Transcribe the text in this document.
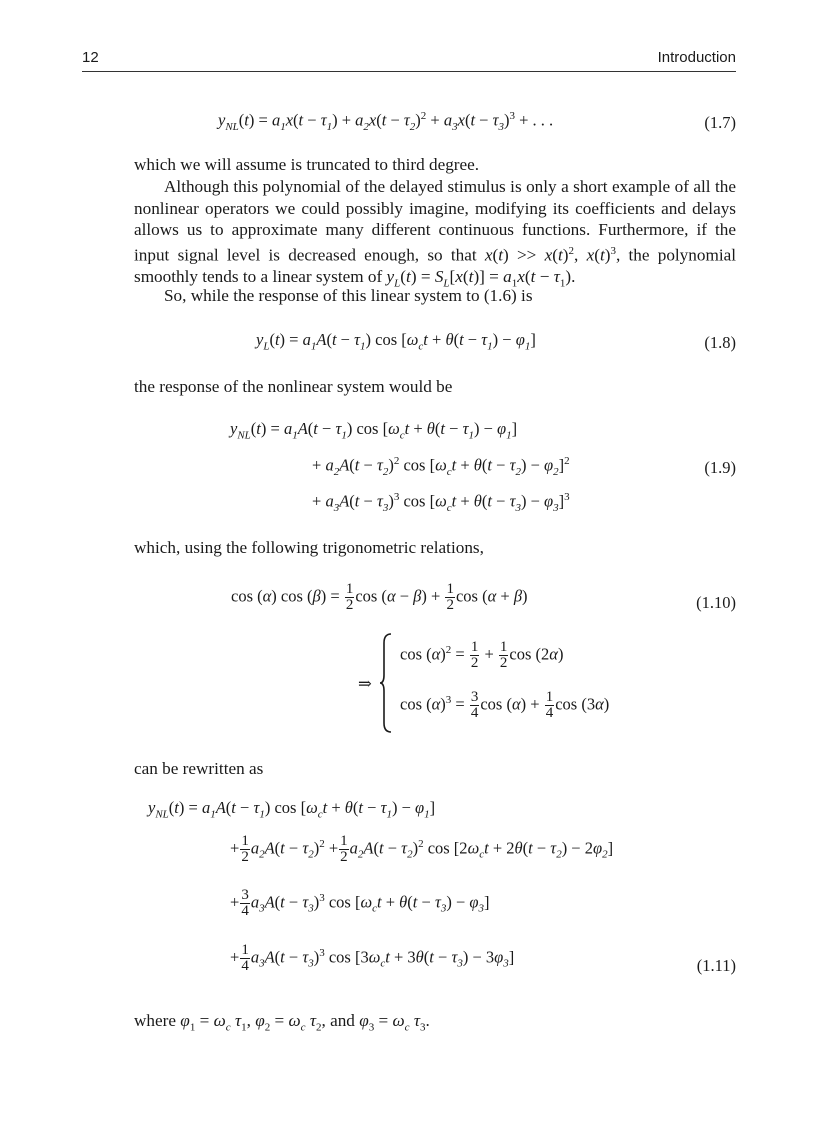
12	Introduction
$y_{NL}(t) = a_1x(t - \tau_1) + a_2x(t - \tau_2)^2 + a_3x(t - \tau_3)^3$ + . . .	(1.7)
which we will assume is truncated to third degree.
Although this polynomial of the delayed stimulus is only a short example of all the nonlinear operators we could possibly imagine, modifying its coefficients and delays allows us to approximate many different continuous functions. Furthermore, if the input signal level is decreased enough, so that $x(t) >> x(t)^2$, $x(t)^3$, the polynomial smoothly tends to a linear system of $y_L(t) = S_L[x(t)] = a_1x(t - \tau_1)$.
So, while the response of this linear system to (1.6) is
$y_L(t) = a_1A(t - \tau_1)$ $\cos [\omega_ct + \theta(t - \tau_1) - \varphi_1]$	(1.8)
the response of the nonlinear system would be
$y_{NL}(t) = a_1A(t - \tau_1)$ $\cos [\omega_ct + \theta(t - \tau_1) - \varphi_1]$
+ $a_2A(t - \tau_2)^2$ $\cos [\omega_ct + \theta(t - \tau_2) - \varphi_2]^2$	(1.9)
+ $a_3A(t - \tau_3)^3$ $\cos [\omega_ct + \theta(t - \tau_3) - \varphi_3]^3$
which, using the following trigonometric relations,
cos (α) $\cos (\beta) = \frac{1}{2}$ $\cos (\alpha - \beta) + \frac{1}{2}$ cos (α + β)	(1.10)
⇒
$\cos (\alpha)^2 = \frac{1}{2} + \frac{1}{2}$ cos (2α)
$\cos (\alpha)^3 = \frac{3}{4}$ $\cos (\alpha) + \frac{1}{4}$ cos (3α)
can be rewritten as
$y_{NL}(t) = a_1A(t - \tau_1)$ $\cos [\omega_ct + \theta(t - \tau_1) - \varphi_1]$
+ $\frac{1}{2} a_2A(t - \tau_2)^2 + \frac{1}{2} a_2A(t - \tau_2)^2$ $\cos [2\omega_ct + 2\theta(t - \tau_2) - 2\varphi_2]$
+ $\frac{3}{4} a_3A(t - \tau_3)^3$ $\cos [\omega_ct + \theta(t - \tau_3) - \varphi_3]$
+ $\frac{1}{4} a_3A(t - \tau_3)^3$ $\cos [3\omega_ct + 3\theta(t - \tau_3) - 3\varphi_3]$	(1.11)
where $\varphi_1 = \omega_c$ $\tau_1$, $\varphi_2 = \omega_c$ $\tau_2$, and $\varphi_3 = \omega_c$ $\tau_3$.
